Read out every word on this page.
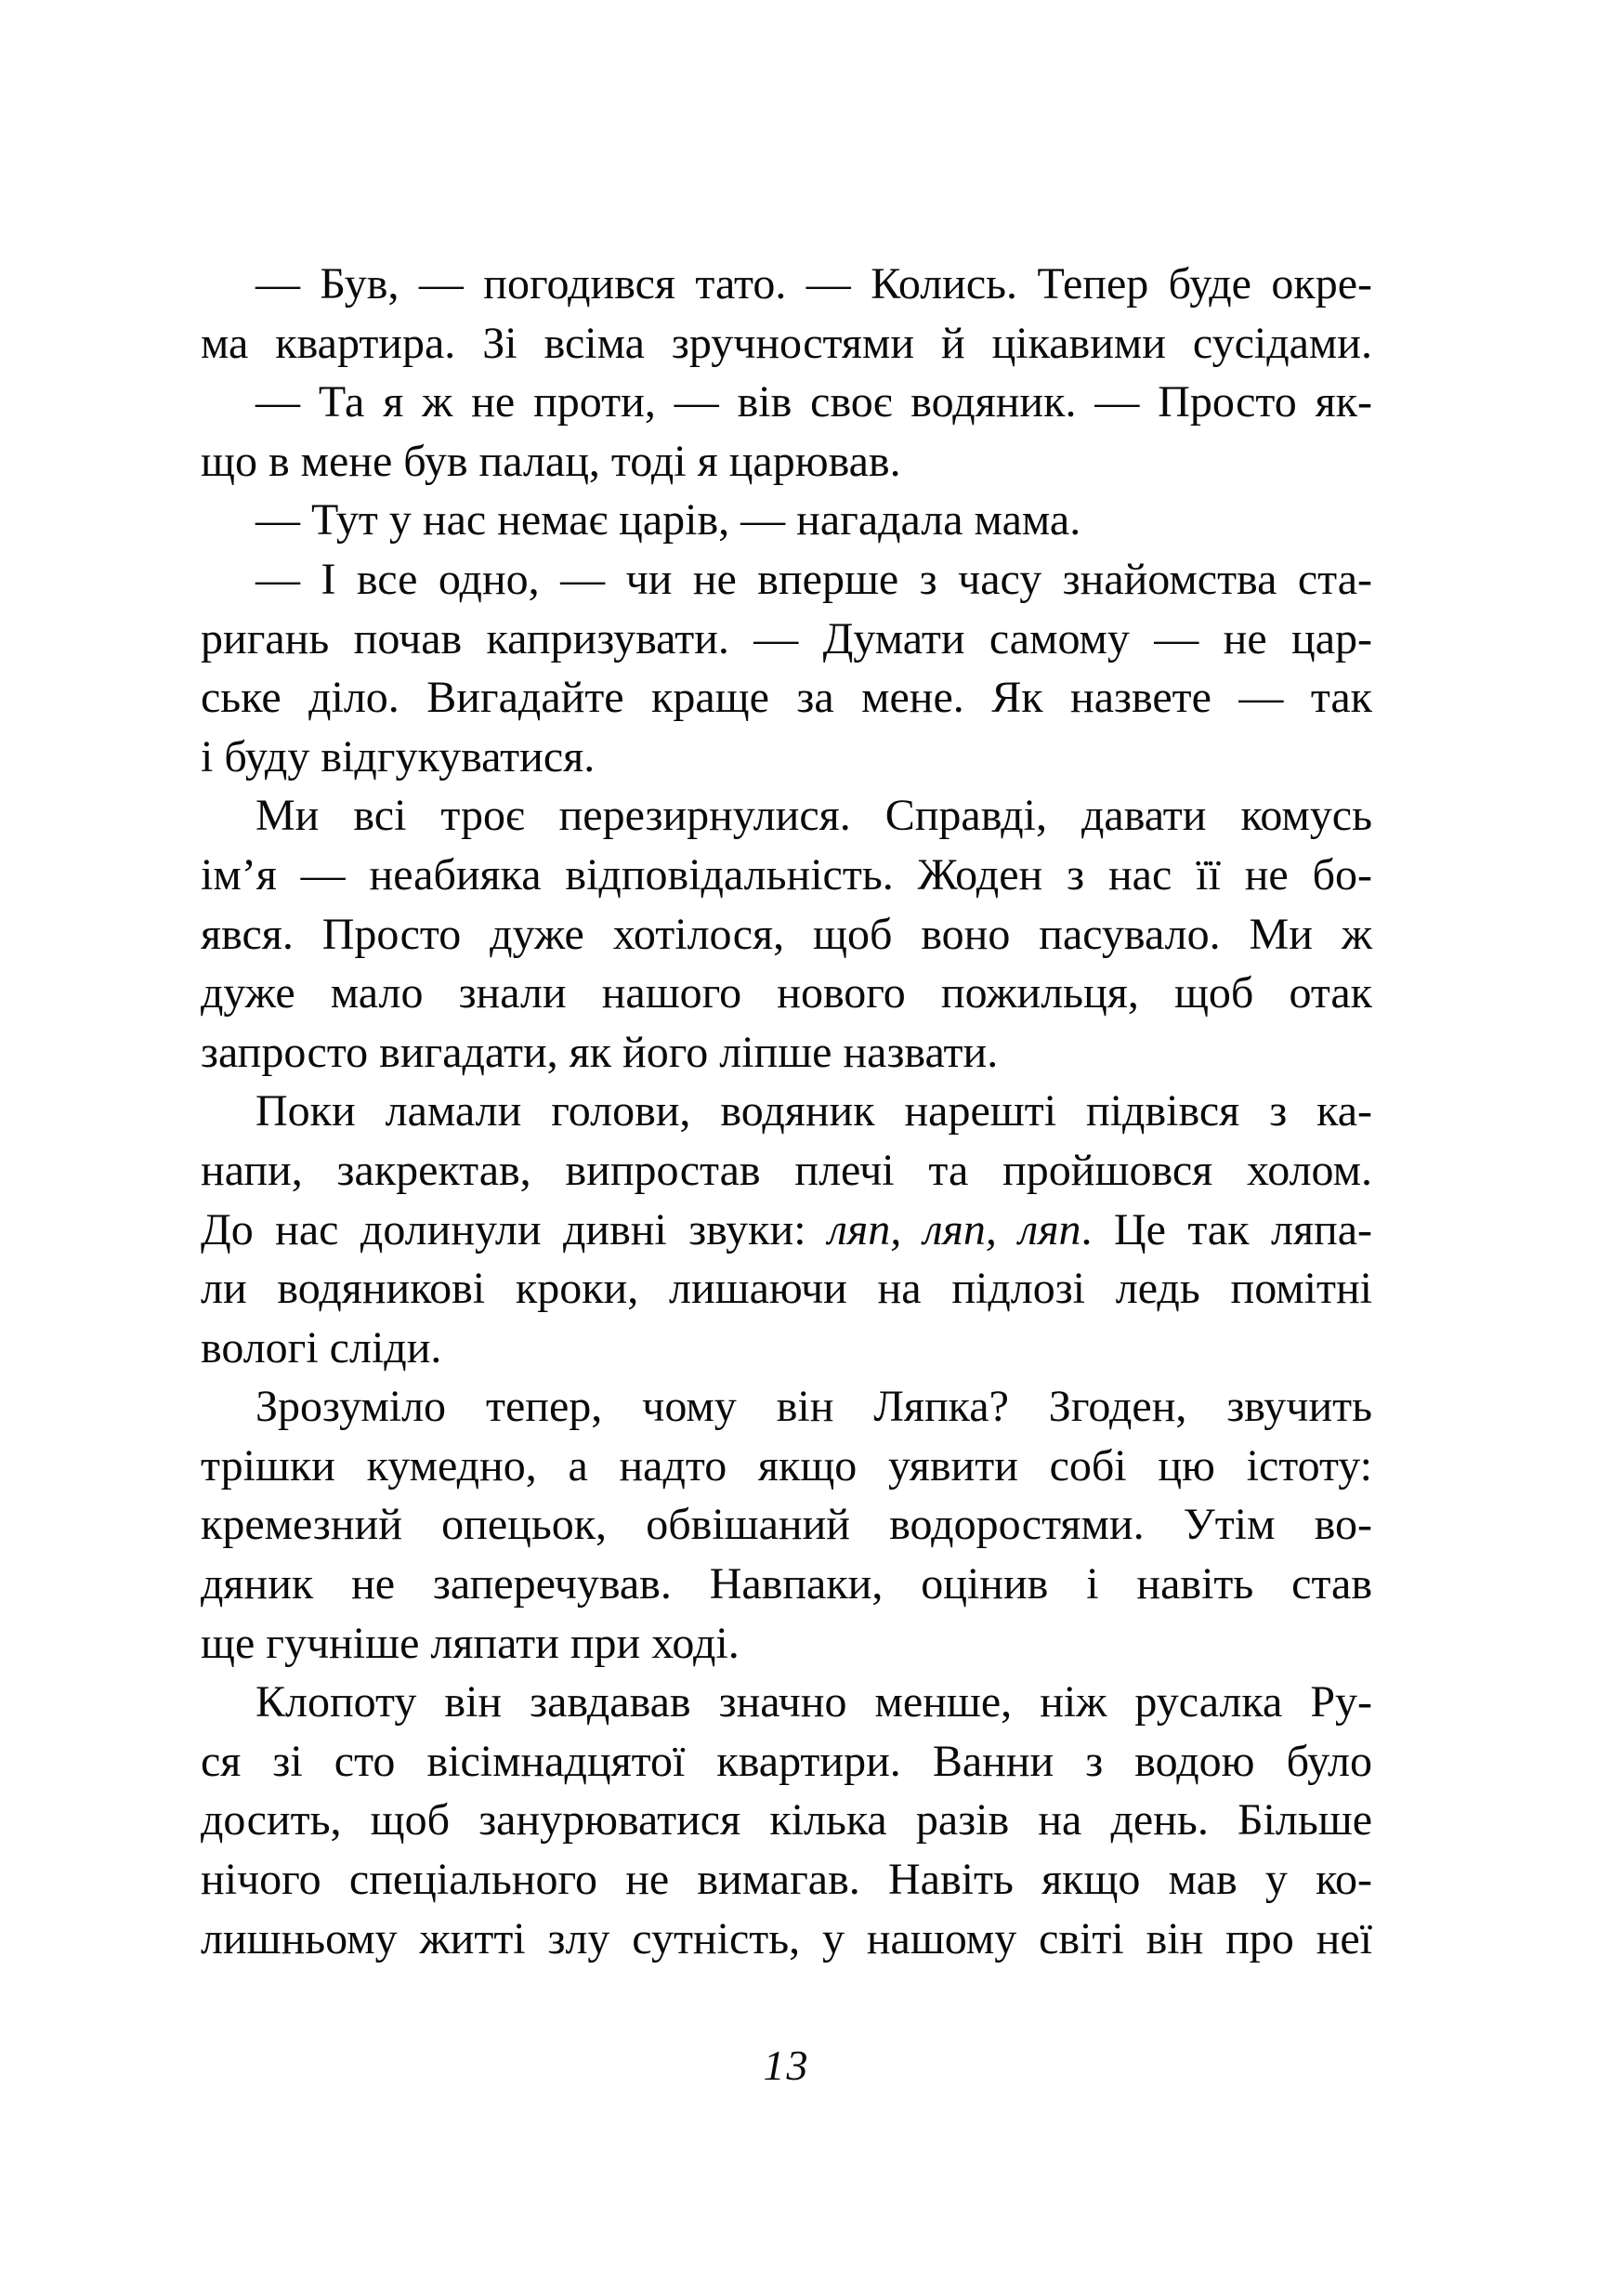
— Був, — погодився тато. — Колись. Тепер буде окре-
ма квартира. Зі всіма зручностями й цікавими сусідами.

— Та я ж не проти, — вів своє водяник. — Просто як-
що в мене був палац, тоді я царював.

— Тут у нас немає царів, — нагадала мама.

— І все одно, — чи не вперше з часу знайомства ста-
ригань почав капризувати. — Думати самому — не цар-
ське діло. Вигадайте краще за мене. Як назвете — так
і буду відгукуватися.

Ми всі троє перезирнулися. Справді, давати комусь
ім’я — неабияка відповідальність. Жоден з нас її не бо-
явся. Просто дуже хотілося, щоб воно пасувало. Ми ж
дуже мало знали нашого нового пожильця, щоб отак
запросто вигадати, як його ліпше назвати.

Поки ламали голови, водяник нарешті підвівся з ка-
напи, закректав, випростав плечі та пройшовся холом.
До нас долинули дивні звуки: ляп, ляп, ляп. Це так ляпа-
ли водяникові кроки, лишаючи на підлозі ледь помітні
вологі сліди.

Зрозуміло тепер, чому він Ляпка? Згоден, звучить
трішки кумедно, а надто якщо уявити собі цю істоту:
кремезний опецьок, обвішаний водоростями. Утім во-
дяник не заперечував. Навпаки, оцінив і навіть став
ще гучніше ляпати при ході.

Клопоту він завдавав значно менше, ніж русалка Ру-
ся зі сто вісімнадцятої квартири. Ванни з водою було
досить, щоб занурюватися кілька разів на день. Більше
нічого спеціального не вимагав. Навіть якщо мав у ко-
лишньому житті злу сутність, у нашому світі він про неї

13
